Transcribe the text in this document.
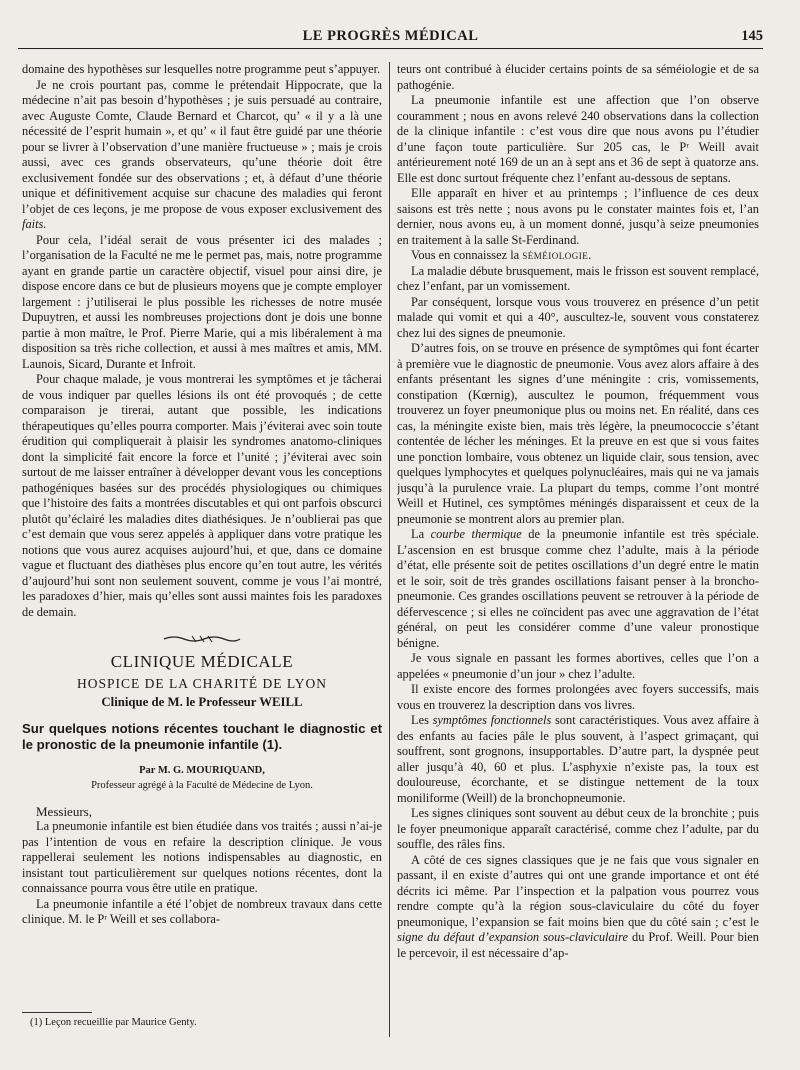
LE PROGRÈS MÉDICAL	145

domaine des hypothèses sur lesquelles notre programme peut s’appuyer.

Je ne crois pourtant pas, comme le prétendait Hippocrate, que la médecine n’ait pas besoin d’hypothèses ; je suis persuadé au contraire, avec Auguste Comte, Claude Bernard et Charcot, qu’ « il y a là une nécessité de l’esprit humain », et qu’ « il faut être guidé par une théorie pour se livrer à l’observation d’une manière fructueuse » ; mais je crois aussi, avec ces grands observateurs, qu’une théorie doit être exclusivement fondée sur des observations ; et, à défaut d’une théorie unique et définitivement acquise sur chacune des maladies qui feront l’objet de ces leçons, je me propose de vous exposer exclusivement des faits.

Pour cela, l’idéal serait de vous présenter ici des malades ; l’organisation de la Faculté ne me le permet pas, mais, notre programme ayant en grande partie un caractère objectif, visuel pour ainsi dire, je dispose encore dans ce but de plusieurs moyens que je compte employer largement : j’utiliserai le plus possible les richesses de notre musée Dupuytren, et aussi les nombreuses projections dont je dois une bonne partie à mon maître, le Prof. Pierre Marie, qui a mis libéralement à ma disposition sa très riche collection, et aussi à mes maîtres et amis, MM. Launois, Sicard, Durante et Infroit.

Pour chaque malade, je vous montrerai les symptômes et je tâcherai de vous indiquer par quelles lésions ils ont été provoqués ; de cette comparaison je tirerai, autant que possible, les indications thérapeutiques qu’elles pourra comporter. Mais j’éviterai avec soin toute érudition qui compliquerait à plaisir les syndromes anatomo-cliniques dont la simplicité fait encore la force et l’unité ; j’éviterai avec soin surtout de me laisser entraîner à développer devant vous les conceptions pathogéniques basées sur des procédés physiologiques ou chimiques que l’histoire des faits a montrées discutables et qui ont parfois obscurci plutôt qu’éclairé les maladies dites diathésiques. Je n’oublierai pas que c’est demain que vous serez appelés à appliquer dans votre pratique les notions que vous aurez acquises aujourd’hui, et que, dans ce domaine vague et fluctuant des diathèses plus encore qu’en tout autre, les vérités d’aujourd’hui sont non seulement souvent, comme je vous l’ai montré, les paradoxes d’hier, mais qu’elles sont aussi maintes fois les paradoxes de demain.

CLINIQUE MÉDICALE
HOSPICE DE LA CHARITÉ DE LYON
Clinique de M. le Professeur WEILL
Sur quelques notions récentes touchant le diagnostic et le pronostic de la pneumonie infantile (1).
Par M. G. MOURIQUAND,
Professeur agrégé à la Faculté de Médecine de Lyon.

Messieurs,

La pneumonie infantile est bien étudiée dans vos traités ; aussi n’ai-je pas l’intention de vous en refaire la description clinique. Je vous rappellerai seulement les notions indispensables au diagnostic, en insistant tout particulièrement sur quelques notions récentes, dont la connaissance pourra vous être utile en pratique.

La pneumonie infantile a été l’objet de nombreux travaux dans cette clinique. M. le Pʳ Weill et ses collabora-

teurs ont contribué à élucider certains points de sa séméiologie et de sa pathogénie.

La pneumonie infantile est une affection que l’on observe couramment ; nous en avons relevé 240 observations dans la collection de la clinique infantile : c’est vous dire que nous avons pu l’étudier d’une façon toute particulière. Sur 205 cas, le Pʳ Weill avait antérieurement noté 169 de un an à sept ans et 36 de sept à quatorze ans. Elle est donc surtout fréquente chez l’enfant au-dessous de septans.

Elle apparaît en hiver et au printemps ; l’influence de ces deux saisons est très nette ; nous avons pu le constater maintes fois et, l’an dernier, nous avons eu, à un moment donné, jusqu’à seize pneumonies en traitement à la salle St-Ferdinand.

Vous en connaissez la séméiologie.

La maladie débute brusquement, mais le frisson est souvent remplacé, chez l’enfant, par un vomissement.

Par conséquent, lorsque vous vous trouverez en présence d’un petit malade qui vomit et qui a 40°, auscultez-le, souvent vous constaterez chez lui des signes de pneumonie.

D’autres fois, on se trouve en présence de symptômes qui font écarter à première vue le diagnostic de pneumonie. Vous avez alors affaire à des enfants présentant les signes d’une méningite : cris, vomissements, constipation (Kœrnig), auscultez le poumon, fréquemment vous trouverez un foyer pneumonique plus ou moins net. En réalité, dans ces cas, la méningite existe bien, mais très légère, la pneumococcie s’étant contentée de lécher les méninges. Et la preuve en est que si vous faites une ponction lombaire, vous obtenez un liquide clair, sous tension, avec quelques lymphocytes et quelques polynucléaires, mais qui ne va jamais jusqu’à la purulence vraie. La plupart du temps, comme l’ont montré Weill et Hutinel, ces symptômes méningés disparaissent et ceux de la pneumonie se montrent alors au premier plan.

La courbe thermique de la pneumonie infantile est très spéciale. L’ascension en est brusque comme chez l’adulte, mais à la période d’état, elle présente soit de petites oscillations d’un degré entre le matin et le soir, soit de très grandes oscillations faisant penser à la broncho-pneumonie. Ces grandes oscillations peuvent se retrouver à la période de défervescence ; si elles ne coïncident pas avec une aggravation de l’état général, on peut les considérer comme d’une valeur pronostique bénigne.

Je vous signale en passant les formes abortives, celles que l’on a appelées « pneumonie d’un jour » chez l’adulte.

Il existe encore des formes prolongées avec foyers successifs, mais vous en trouverez la description dans vos livres.

Les symptômes fonctionnels sont caractéristiques. Vous avez affaire à des enfants au facies pâle le plus souvent, à l’aspect grimaçant, qui souffrent, sont grognons, insupportables. D’autre part, la dyspnée peut aller jusqu’à 40, 60 et plus. L’asphyxie n’existe pas, la toux est douloureuse, écorchante, et se distingue nettement de la toux moniliforme (Weill) de la bronchopneumonie.

Les signes cliniques sont souvent au début ceux de la bronchite ; puis le foyer pneumonique apparaît caractérisé, comme chez l’adulte, par du souffle, des râles fins.

A côté de ces signes classiques que je ne fais que vous signaler en passant, il en existe d’autres qui ont une grande importance et ont été décrits ici même. Par l’inspection et la palpation vous pourrez vous rendre compte qu’à la région sous-claviculaire du côté du foyer pneumonique, l’expansion se fait moins bien que du côté sain ; c’est le signe du défaut d’expansion sous-claviculaire du Prof. Weill. Pour bien le percevoir, il est nécessaire d’ap-

(1) Leçon recueillie par Maurice Genty.
